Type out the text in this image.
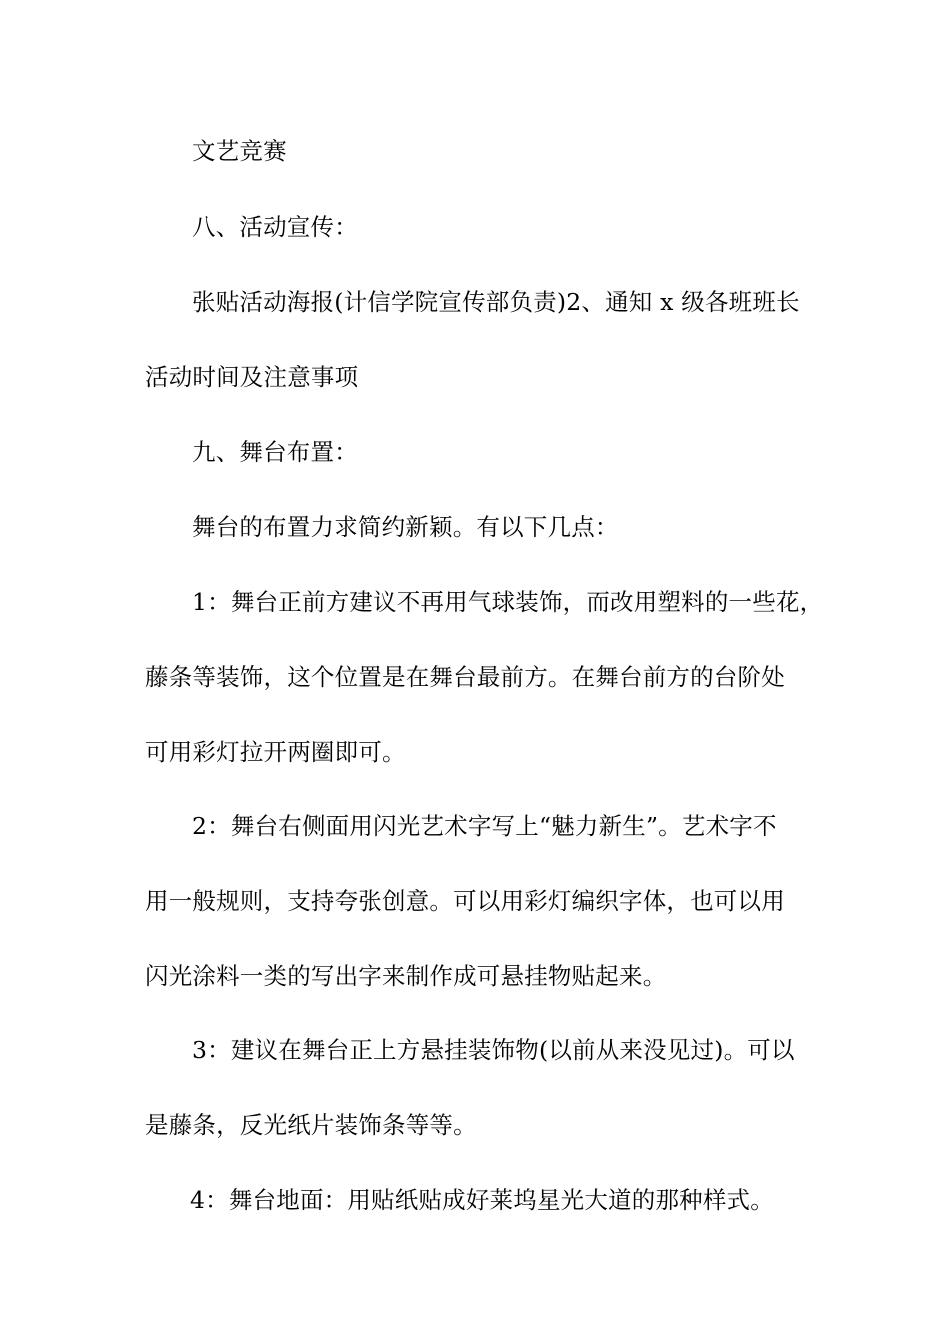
文艺竞赛
八、活动宣传：
张贴活动海报(计信学院宣传部负责)2、通知 x 级各班班长
活动时间及注意事项
九、舞台布置：
舞台的布置力求简约新颖。有以下几点：
1：舞台正前方建议不再用气球装饰，而改用塑料的一些花，
藤条等装饰，这个位置是在舞台最前方。在舞台前方的台阶处
可用彩灯拉开两圈即可。
2：舞台右侧面用闪光艺术字写上“魅力新生”。艺术字不
用一般规则，支持夸张创意。可以用彩灯编织字体，也可以用
闪光涂料一类的写出字来制作成可悬挂物贴起来。
3：建议在舞台正上方悬挂装饰物(以前从来没见过)。可以
是藤条，反光纸片装饰条等等。
4：舞台地面：用贴纸贴成好莱坞星光大道的那种样式。
